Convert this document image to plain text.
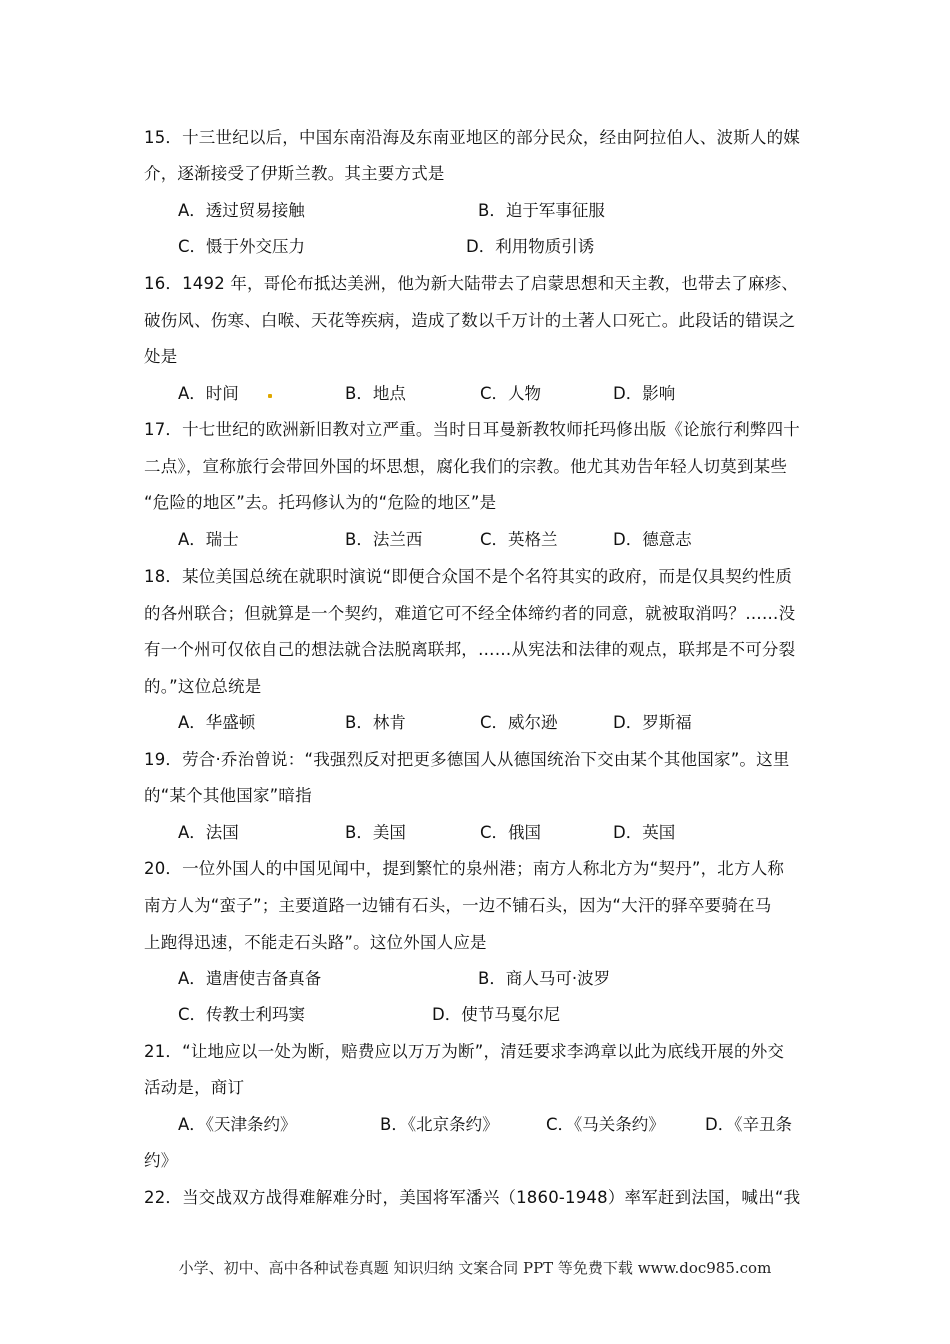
15．十三世纪以后，中国东南沿海及东南亚地区的部分民众，经由阿拉伯人、波斯人的媒
介，逐渐接受了伊斯兰教。其主要方式是
A．透过贸易接触	B．迫于军事征服
C．慑于外交压力	D．利用物质引诱
16．1492 年，哥伦布抵达美洲，他为新大陆带去了启蒙思想和天主教，也带去了麻疹、
破伤风、伤寒、白喉、天花等疾病，造成了数以千万计的土著人口死亡。此段话的错误之
处是
A．时间	B．地点	C．人物	D．影响
17．十七世纪的欧洲新旧教对立严重。当时日耳曼新教牧师托玛修出版《论旅行利弊四十
二点》，宣称旅行会带回外国的坏思想，腐化我们的宗教。他尤其劝告年轻人切莫到某些
“危险的地区”去。托玛修认为的“危险的地区”是
A．瑞士	B．法兰西	C．英格兰	D．德意志
18．某位美国总统在就职时演说“即便合众国不是个名符其实的政府，而是仅具契约性质
的各州联合；但就算是一个契约，难道它可不经全体缔约者的同意，就被取消吗？……没
有一个州可仅依自己的想法就合法脱离联邦，……从宪法和法律的观点，联邦是不可分裂
的。”这位总统是
A．华盛顿	B．林肯	C．威尔逊	D．罗斯福
19．劳合·乔治曾说：“我强烈反对把更多德国人从德国统治下交由某个其他国家”。这里
的“某个其他国家”暗指
A．法国	B．美国	C．俄国	D．英国
20．一位外国人的中国见闻中，提到繁忙的泉州港；南方人称北方为“契丹”，北方人称
南方人为“蛮子”；主要道路一边铺有石头，一边不铺石头，因为“大汗的驿卒要骑在马
上跑得迅速，不能走石头路”。这位外国人应是
A．遣唐使吉备真备	B．商人马可·波罗
C．传教士利玛窦	D．使节马戛尔尼
21．“让地应以一处为断，赔费应以万万为断”，清廷要求李鸿章以此为底线开展的外交
活动是，商订
A．《天津条约》	B．《北京条约》	C．《马关条约》 D．《辛丑条
约》
22．当交战双方战得难解难分时，美国将军潘兴（1860-1948）率军赶到法国，喊出“我
小学、初中、高中各种试卷真题 知识归纳 文案合同 PPT 等免费下载 www.doc985.com
